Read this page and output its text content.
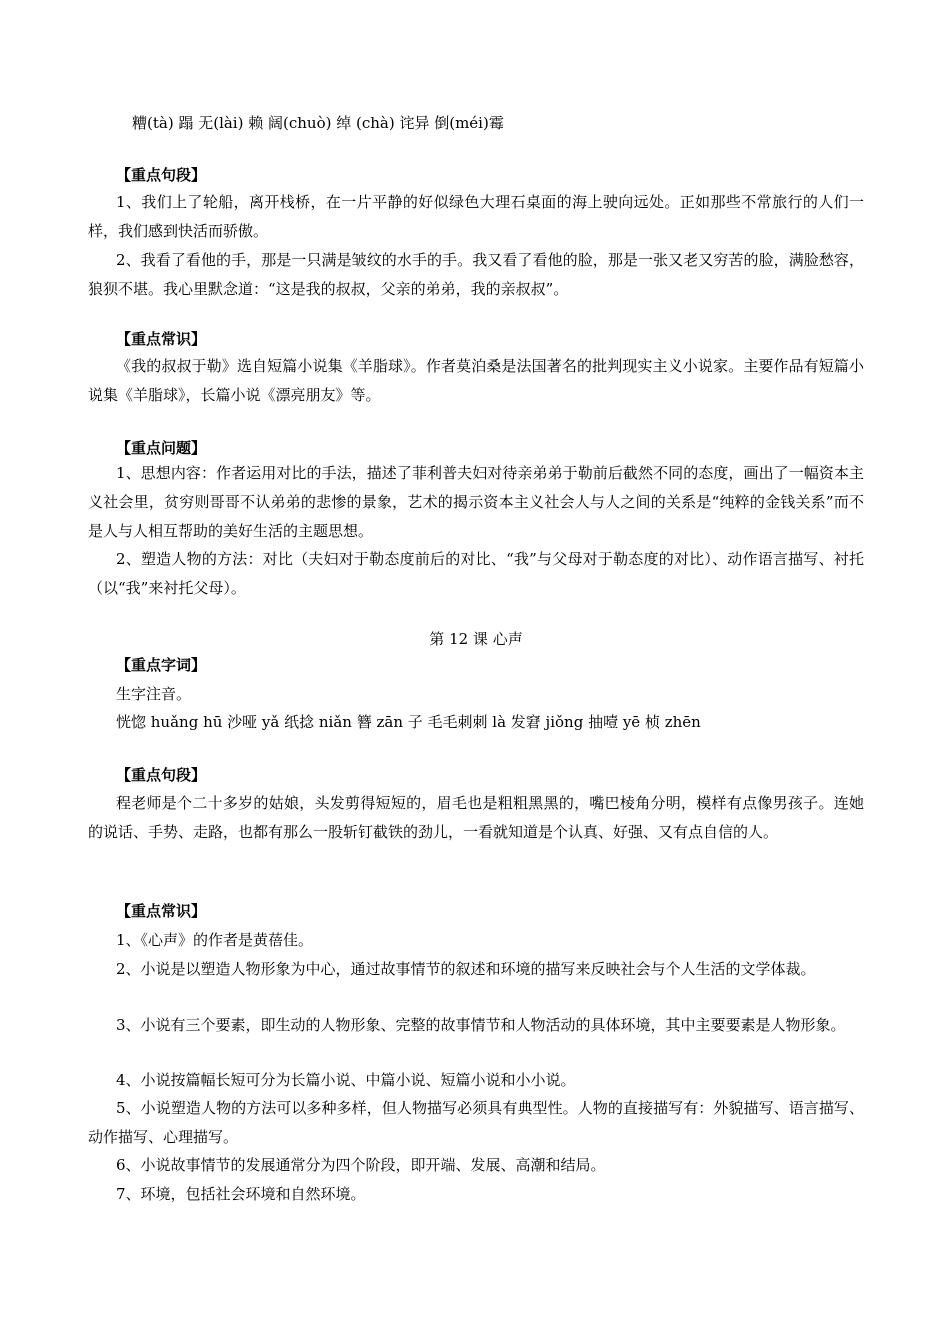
糟(tà) 蹋 无(lài) 赖 阔(chuò) 绰 (chà) 诧异 倒(méi)霉
【重点句段】
1、我们上了轮船，离开栈桥，在一片平静的好似绿色大理石桌面的海上驶向远处。正如那些不常旅行的人们一样，我们感到快活而骄傲。
2、我看了看他的手，那是一只满是皱纹的水手的手。我又看了看他的脸，那是一张又老又穷苦的脸，满脸愁容，狼狈不堪。我心里默念道：“这是我的叔叔，父亲的弟弟，我的亲叔叔”。
【重点常识】
《我的叔叔于勒》选自短篇小说集《羊脂球》。作者莫泊桑是法国著名的批判现实主义小说家。主要作品有短篇小说集《羊脂球》，长篇小说《漂亮朋友》等。
【重点问题】
1、思想内容：作者运用对比的手法，描述了菲利普夫妇对待亲弟弟于勒前后截然不同的态度，画出了一幅资本主义社会里，贫穷则哥哥不认弟弟的悲惨的景象，艺术的揭示资本主义社会人与人之间的关系是“纯粹的金钱关系”而不是人与人相互帮助的美好生活的主题思想。
2、塑造人物的方法：对比（夫妇对于勒态度前后的对比、“我”与父母对于勒态度的对比）、动作语言描写、衬托（以“我”来衬托父母）。
第 12 课 心声
【重点字词】
生字注音。
恍惚 huǎng hū 沙哑 yǎ 纸捻 niǎn 簪 zān 子 毛毛刺刺 là 发窘 jiǒng 抽噎 yē 桢 zhēn
【重点句段】
程老师是个二十多岁的姑娘，头发剪得短短的，眉毛也是粗粗黑黑的，嘴巴棱角分明，模样有点像男孩子。连她的说话、手势、走路，也都有那么一股斩钉截铁的劲儿，一看就知道是个认真、好强、又有点自信的人。
【重点常识】
1、《心声》的作者是黄蓓佳。
2、小说是以塑造人物形象为中心，通过故事情节的叙述和环境的描写来反映社会与个人生活的文学体裁。
3、小说有三个要素，即生动的人物形象、完整的故事情节和人物活动的具体环境，其中主要要素是人物形象。
4、小说按篇幅长短可分为长篇小说、中篇小说、短篇小说和小小说。
5、小说塑造人物的方法可以多种多样，但人物描写必须具有典型性。人物的直接描写有：外貌描写、语言描写、动作描写、心理描写。
6、小说故事情节的发展通常分为四个阶段，即开端、发展、高潮和结局。
7、环境，包括社会环境和自然环境。
